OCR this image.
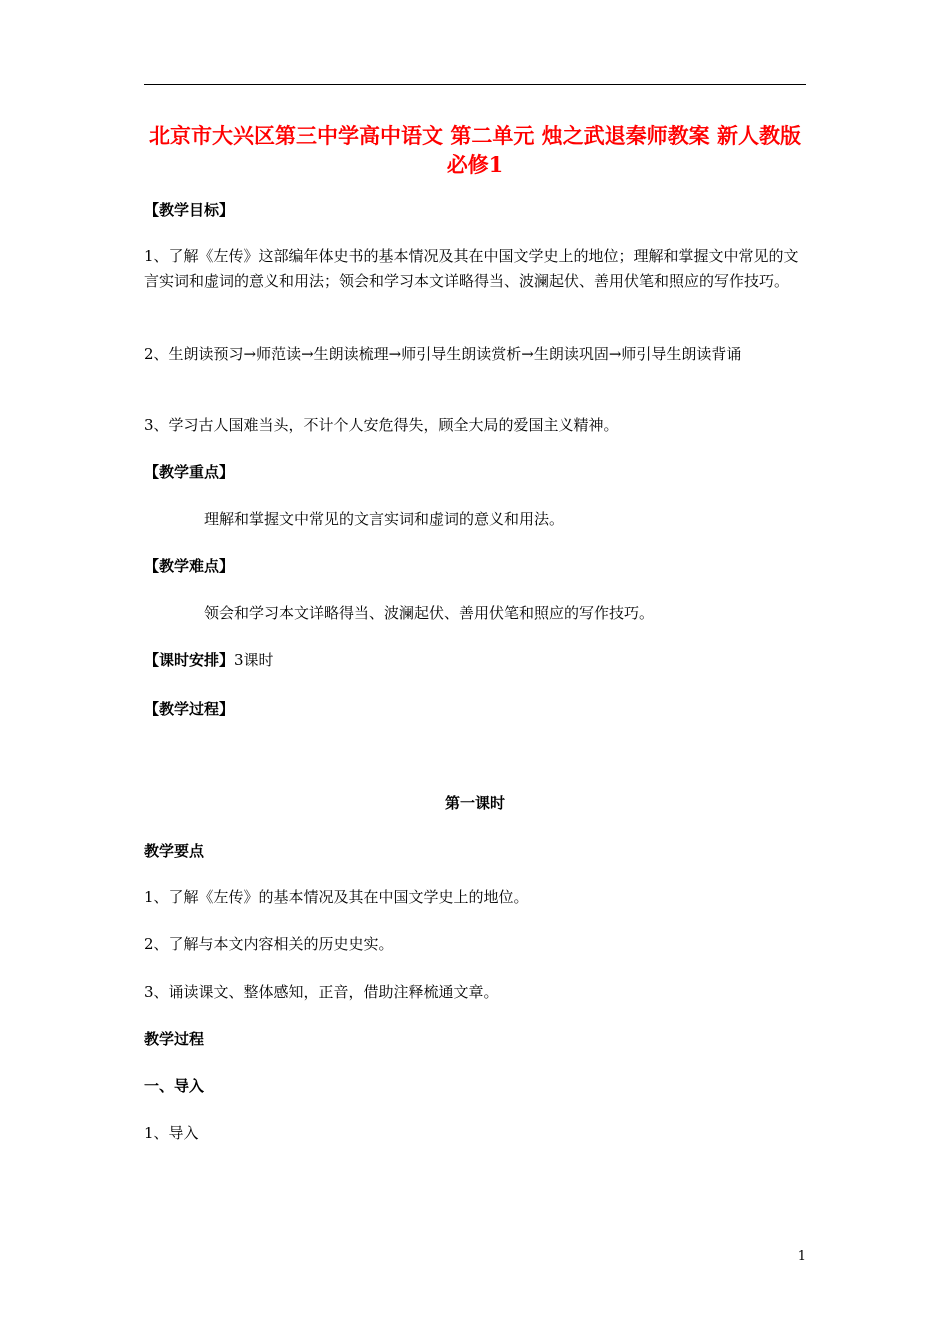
北京市大兴区第三中学高中语文 第二单元 烛之武退秦师教案 新人教版必修1
【教学目标】
1、了解《左传》这部编年体史书的基本情况及其在中国文学史上的地位；理解和掌握文中常见的文言实词和虚词的意义和用法；领会和学习本文详略得当、波澜起伏、善用伏笔和照应的写作技巧。
2、生朗读预习→师范读→生朗读梳理→师引导生朗读赏析→生朗读巩固→师引导生朗读背诵
3、学习古人国难当头，不计个人安危得失，顾全大局的爱国主义精神。
【教学重点】
理解和掌握文中常见的文言实词和虚词的意义和用法。
【教学难点】
领会和学习本文详略得当、波澜起伏、善用伏笔和照应的写作技巧。
【课时安排】3课时
【教学过程】
第一课时
教学要点
1、了解《左传》的基本情况及其在中国文学史上的地位。
2、了解与本文内容相关的历史史实。
3、诵读课文、整体感知，正音，借助注释梳通文章。
教学过程
一、导入
1、导入
1
